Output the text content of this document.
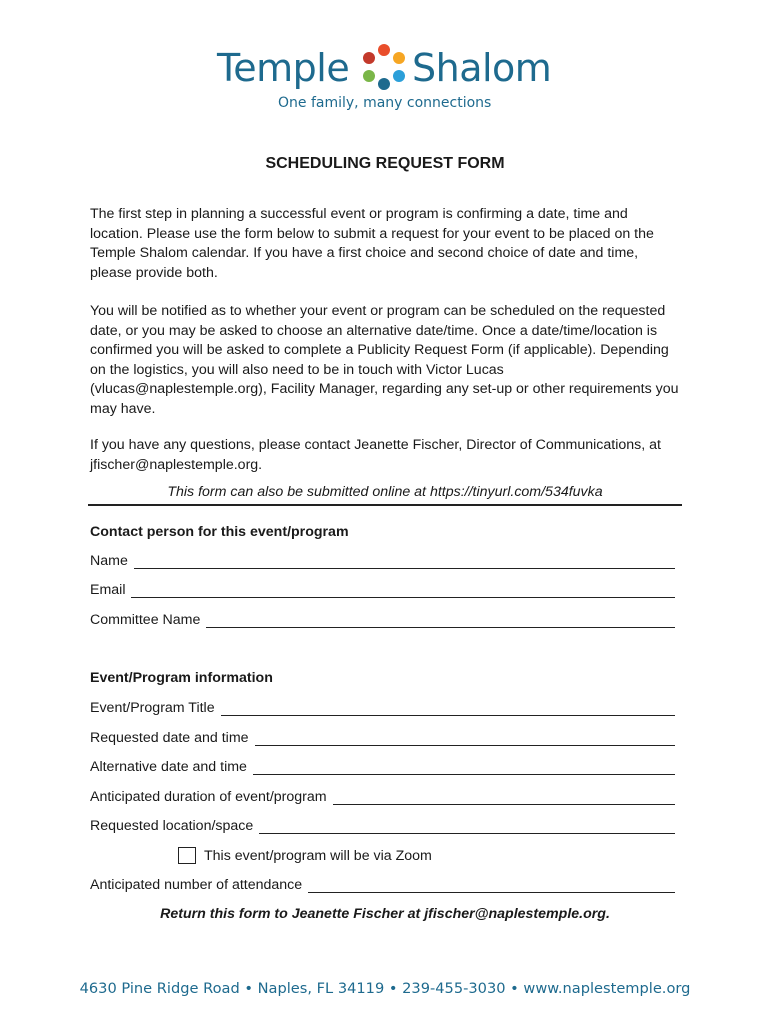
Temple Shalom
One family, many connections
SCHEDULING REQUEST FORM
The first step in planning a successful event or program is confirming a date, time and location. Please use the form below to submit a request for your event to be placed on the Temple Shalom calendar. If you have a first choice and second choice of date and time, please provide both.
You will be notified as to whether your event or program can be scheduled on the requested date, or you may be asked to choose an alternative date/time. Once a date/time/location is confirmed you will be asked to complete a Publicity Request Form (if applicable). Depending on the logistics, you will also need to be in touch with Victor Lucas (vlucas@naplestemple.org), Facility Manager, regarding any set-up or other requirements you may have.
If you have any questions, please contact Jeanette Fischer, Director of Communications, at jfischer@naplestemple.org.
This form can also be submitted online at https://tinyurl.com/534fuvka
Contact person for this event/program
Name
Email
Committee Name
Event/Program information
Event/Program Title
Requested date and time
Alternative date and time
Anticipated duration of event/program
Requested location/space
This event/program will be via Zoom
Anticipated number of attendance
Return this form to Jeanette Fischer at jfischer@naplestemple.org.
4630 Pine Ridge Road • Naples, FL 34119 • 239-455-3030 • www.naplestemple.org
